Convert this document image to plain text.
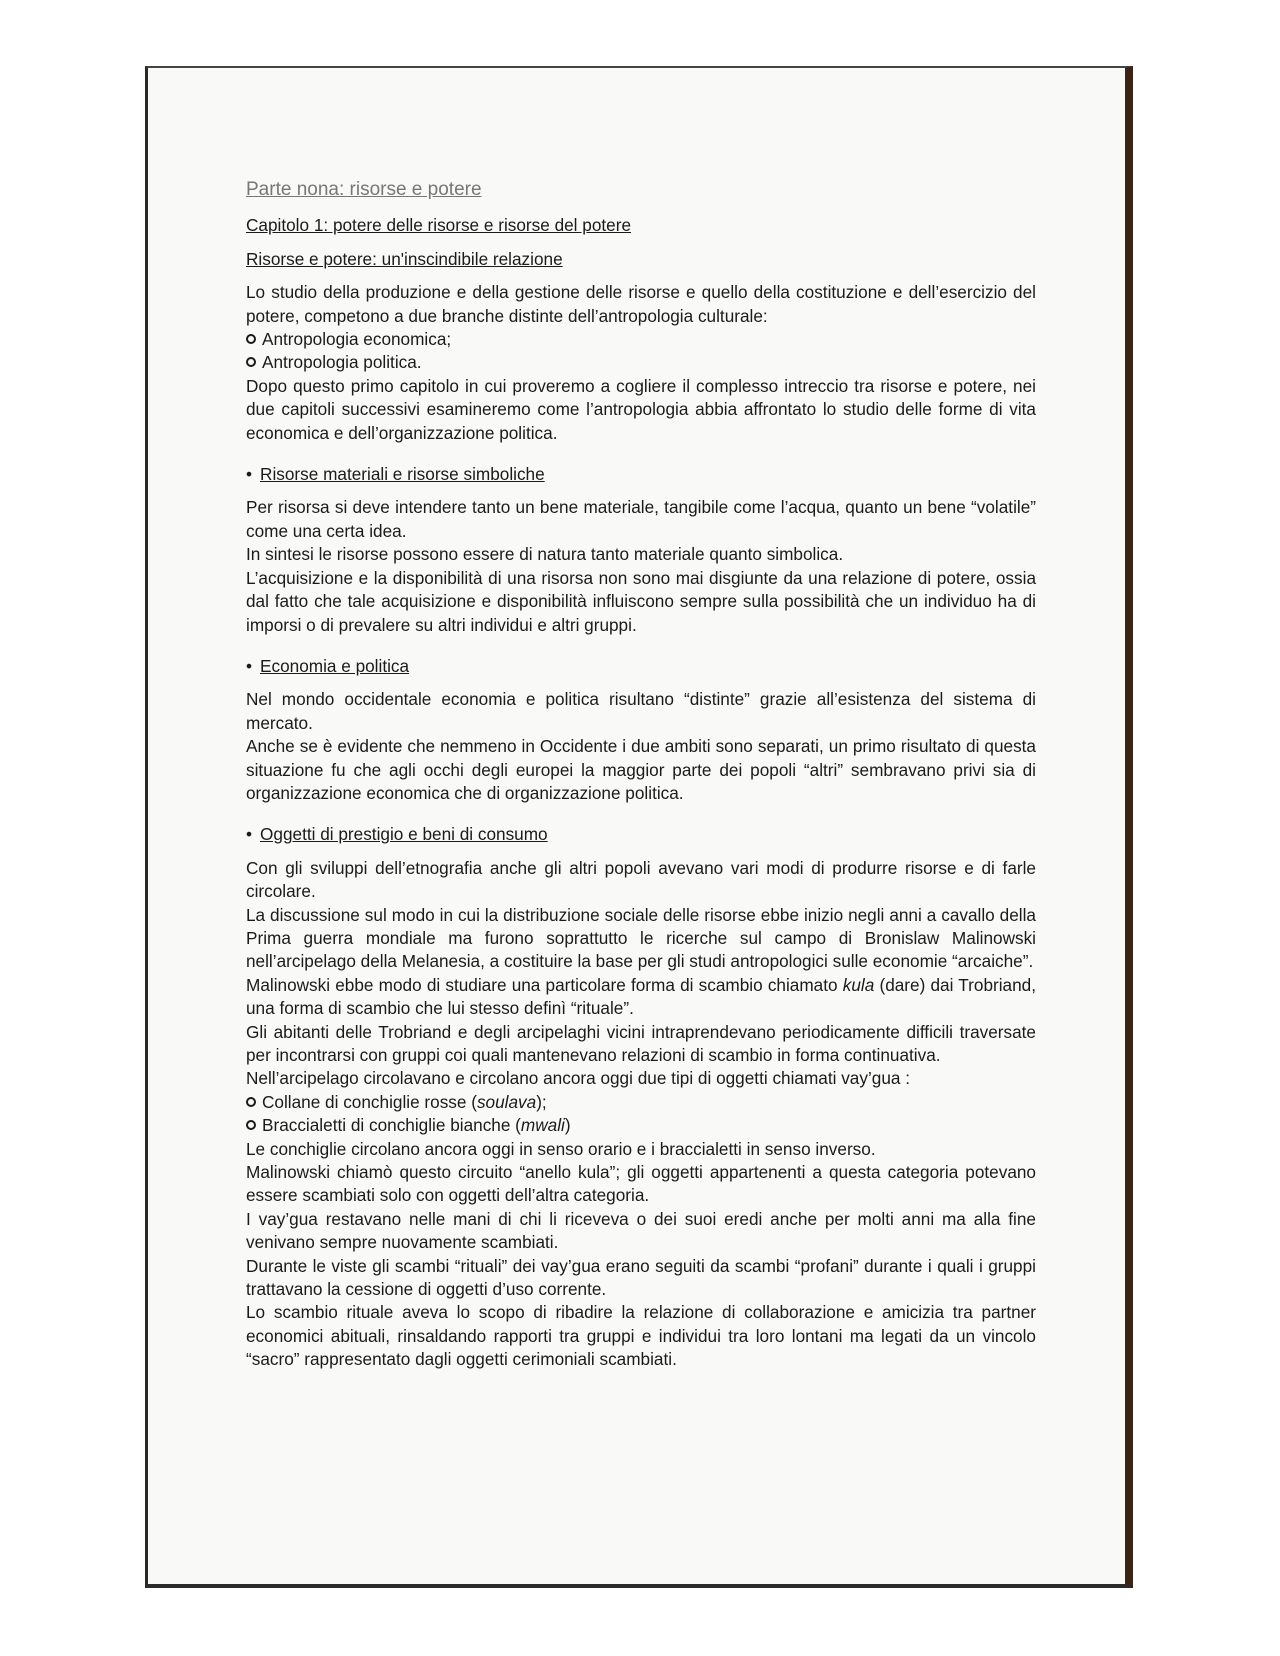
Parte nona: risorse e potere
Capitolo 1: potere delle risorse e risorse del potere
Risorse e potere: un'inscindibile relazione

Lo studio della produzione e della gestione delle risorse e quello della costituzione e dell’esercizio del potere, competono a due branche distinte dell’antropologia culturale:

Antropologia economica;
Antropologia politica.

Dopo questo primo capitolo in cui proveremo a cogliere il complesso intreccio tra risorse e potere, nei due capitoli successivi esamineremo come l’antropologia abbia affrontato lo studio delle forme di vita economica e dell’organizzazione politica.

• Risorse materiali e risorse simboliche

Per risorsa si deve intendere tanto un bene materiale, tangibile come l’acqua, quanto un bene “volatile” come una certa idea.

In sintesi le risorse possono essere di natura tanto materiale quanto simbolica.

L’acquisizione e la disponibilità di una risorsa non sono mai disgiunte da una relazione di potere, ossia dal fatto che tale acquisizione e disponibilità influiscono sempre sulla possibilità che un individuo ha di imporsi o di prevalere su altri individui e altri gruppi.

• Economia e politica

Nel mondo occidentale economia e politica risultano “distinte” grazie all’esistenza del sistema di mercato.

Anche se è evidente che nemmeno in Occidente i due ambiti sono separati, un primo risultato di questa situazione fu che agli occhi degli europei la maggior parte dei popoli “altri” sembravano privi sia di organizzazione economica che di organizzazione politica.

• Oggetti di prestigio e beni di consumo

Con gli sviluppi dell’etnografia anche gli altri popoli avevano vari modi di produrre risorse e di farle circolare.

La discussione sul modo in cui la distribuzione sociale delle risorse ebbe inizio negli anni a cavallo della Prima guerra mondiale ma furono soprattutto le ricerche sul campo di Bronislaw Malinowski nell’arcipelago della Melanesia, a costituire la base per gli studi antropologici sulle economie “arcaiche”.

Malinowski ebbe modo di studiare una particolare forma di scambio chiamato kula (dare) dai Trobriand, una forma di scambio che lui stesso definì “rituale”.

Gli abitanti delle Trobriand e degli arcipelaghi vicini intraprendevano periodicamente difficili traversate per incontrarsi con gruppi coi quali mantenevano relazioni di scambio in forma continuativa.

Nell’arcipelago circolavano e circolano ancora oggi due tipi di oggetti chiamati vay’gua :

Collane di conchiglie rosse (soulava);
Braccialetti di conchiglie bianche (mwali)

Le conchiglie circolano ancora oggi in senso orario e i braccialetti in senso inverso.

Malinowski chiamò questo circuito “anello kula”; gli oggetti appartenenti a questa categoria potevano essere scambiati solo con oggetti dell’altra categoria.

I vay’gua restavano nelle mani di chi li riceveva o dei suoi eredi anche per molti anni ma alla fine venivano sempre nuovamente scambiati.

Durante le viste gli scambi “rituali” dei vay’gua erano seguiti da scambi “profani” durante i quali i gruppi trattavano la cessione di oggetti d’uso corrente.

Lo scambio rituale aveva lo scopo di ribadire la relazione di collaborazione e amicizia tra partner economici abituali, rinsaldando rapporti tra gruppi e individui tra loro lontani ma legati da un vincolo “sacro” rappresentato dagli oggetti cerimoniali scambiati.
